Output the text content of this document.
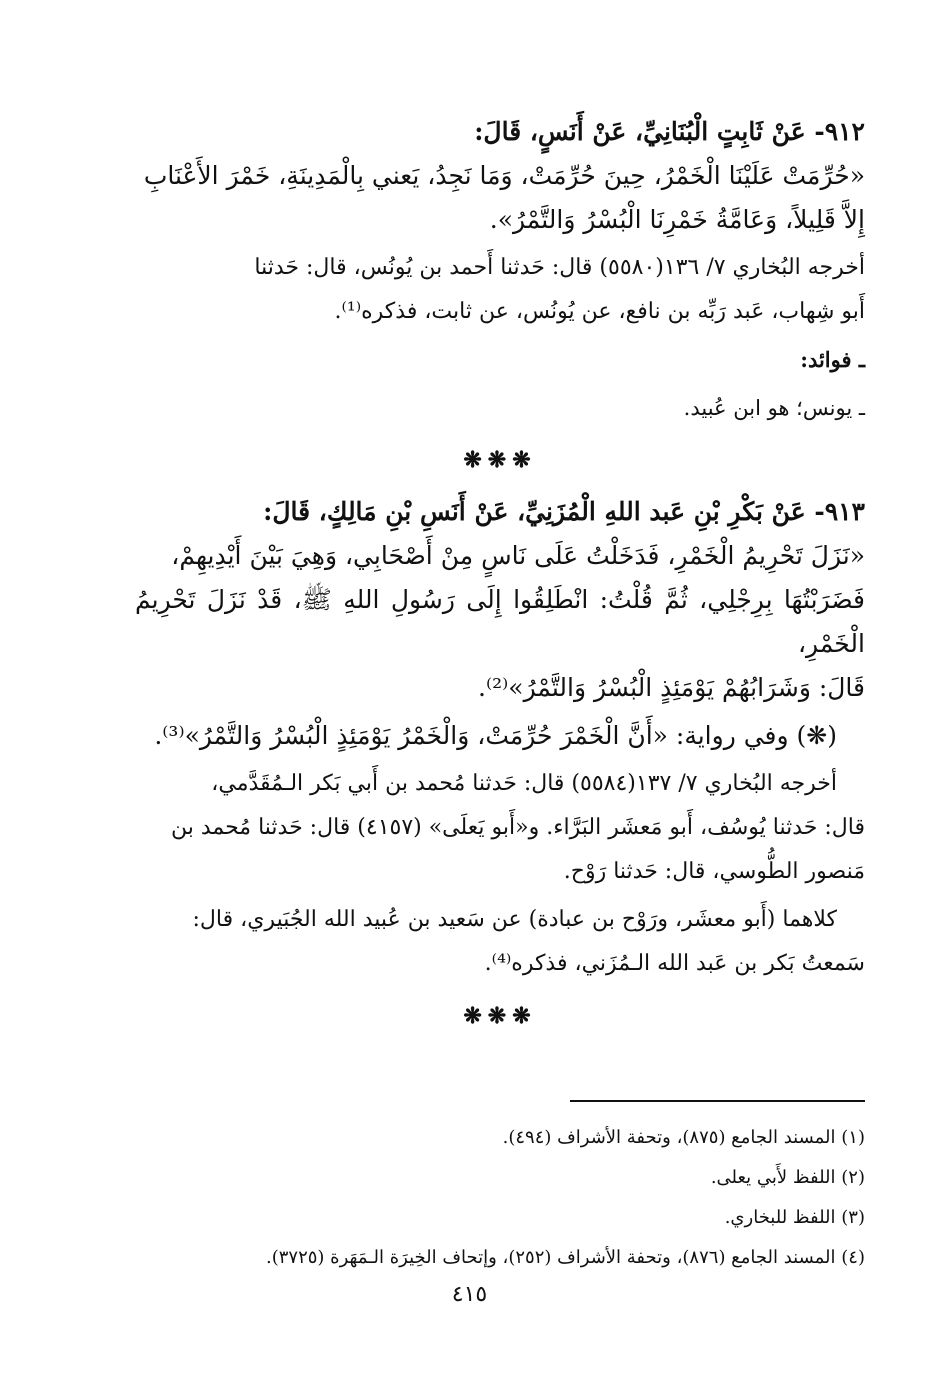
٩١٢- عَنْ ثَابِتٍ الْبُنَانِيِّ، عَنْ أَنَسٍ، قَالَ:

«حُرِّمَتْ عَلَيْنَا الْخَمْرُ، حِينَ حُرِّمَتْ، وَمَا نَجِدُ، يَعني بِالْمَدِينَةِ، خَمْرَ الأَعْنَابِ

إِلاَّ قَلِيلاً، وَعَامَّةُ خَمْرِنَا الْبُسْرُ وَالتَّمْرُ».

أخرجه البُخاري ٧/ ١٣٦(٥٥٨٠) قال: حَدثنا أَحمد بن يُونُس، قال: حَدثنا

أَبو شِهاب، عَبد رَبِّه بن نافع، عن يُونُس، عن ثابت، فذكره⁽¹⁾.

ـ فوائد:

ـ يونس؛ هو ابن عُبيد.

❋❋❋

٩١٣- عَنْ بَكْرِ بْنِ عَبد اللهِ الْمُزَنِيِّ، عَنْ أَنَسِ بْنِ مَالِكٍ، قَالَ:

«نَزَلَ تَحْرِيمُ الْخَمْرِ، فَدَخَلْتُ عَلَى نَاسٍ مِنْ أَصْحَابِي، وَهِيَ بَيْنَ أَيْدِيهِمْ،

فَضَرَبْتُهَا بِرِجْلِي، ثُمَّ قُلْتُ: انْطَلِقُوا إِلَى رَسُولِ اللهِ ﷺ، قَدْ نَزَلَ تَحْرِيمُ الْخَمْرِ،

قَالَ: وَشَرَابُهُمْ يَوْمَئِذٍ الْبُسْرُ وَالتَّمْرُ»⁽²⁾.

(❋) وفي رواية: «أَنَّ الْخَمْرَ حُرِّمَتْ، وَالْخَمْرُ يَوْمَئِذٍ الْبُسْرُ وَالتَّمْرُ»⁽³⁾.

أخرجه البُخاري ٧/ ١٣٧(٥٥٨٤) قال: حَدثنا مُحمد بن أَبي بَكر الـمُقَدَّمي،

قال: حَدثنا يُوسُف، أَبو مَعشَر البَرَّاء. و«أَبو يَعلَى» (٤١٥٧) قال: حَدثنا مُحمد بن

مَنصور الطُّوسي، قال: حَدثنا رَوْح.

كلاهما (أَبو معشَر، ورَوْح بن عبادة) عن سَعيد بن عُبيد الله الجُبَيري، قال:

سَمعتُ بَكر بن عَبد الله الـمُزَني، فذكره⁽⁴⁾.

❋❋❋

(١) المسند الجامع (٨٧٥)، وتحفة الأشراف (٤٩٤).

(٢) اللفظ لأَبي يعلى.

(٣) اللفظ للبخاري.

(٤) المسند الجامع (٨٧٦)، وتحفة الأشراف (٢٥٢)، وإتحاف الخِيرَة الـمَهَرة (٣٧٢٥).

٤١٥
